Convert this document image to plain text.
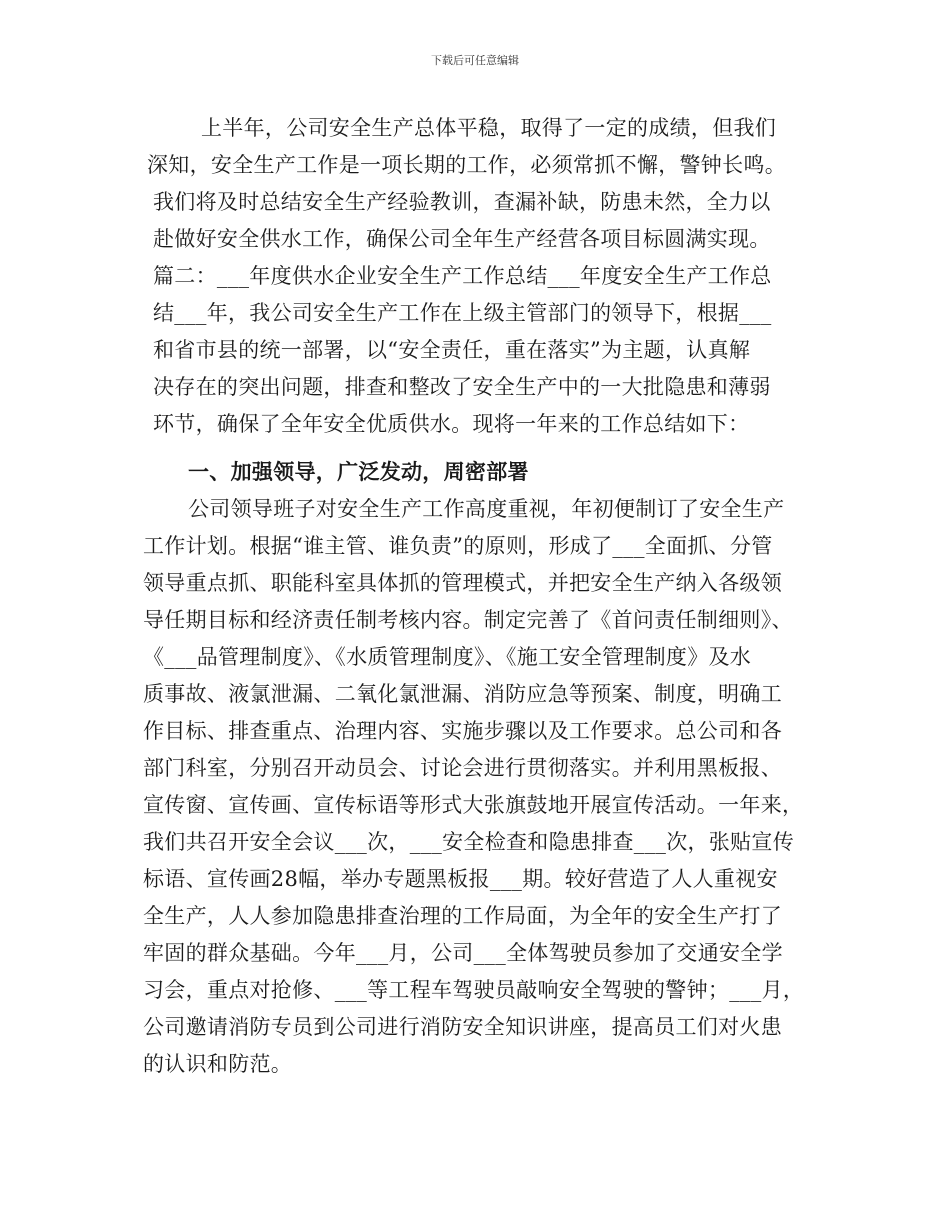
下载后可任意编辑
上半年，公司安全生产总体平稳，取得了一定的成绩，但我们
深知，安全生产工作是一项长期的工作，必须常抓不懈，警钟长鸣。
我们将及时总结安全生产经验教训，查漏补缺，防患未然，全力以
赴做好安全供水工作，确保公司全年生产经营各项目标圆满实现。
篇二：___年度供水企业安全生产工作总结___年度安全生产工作总
结___年，我公司安全生产工作在上级主管部门的领导下，根据___
和省市县的统一部署，以“安全责任，重在落实”为主题，认真解
决存在的突出问题，排查和整改了安全生产中的一大批隐患和薄弱
环节，确保了全年安全优质供水。现将一年来的工作总结如下：
一、加强领导，广泛发动，周密部署
公司领导班子对安全生产工作高度重视，年初便制订了安全生产
工作计划。根据“谁主管、谁负责”的原则，形成了___全面抓、分管
领导重点抓、职能科室具体抓的管理模式，并把安全生产纳入各级领
导任期目标和经济责任制考核内容。制定完善了《首问责任制细则》、
《___品管理制度》、《水质管理制度》、《施工安全管理制度》及水
质事故、液氯泄漏、二氧化氯泄漏、消防应急等预案、制度，明确工
作目标、排查重点、治理内容、实施步骤以及工作要求。总公司和各
部门科室，分别召开动员会、讨论会进行贯彻落实。并利用黑板报、
宣传窗、宣传画、宣传标语等形式大张旗鼓地开展宣传活动。一年来，
我们共召开安全会议___次，___安全检查和隐患排查___次，张贴宣传
标语、宣传画28幅，举办专题黑板报___期。较好营造了人人重视安
全生产，人人参加隐患排查治理的工作局面，为全年的安全生产打了
牢固的群众基础。今年___月，公司___全体驾驶员参加了交通安全学
习会，重点对抢修、___等工程车驾驶员敲响安全驾驶的警钟；___月，
公司邀请消防专员到公司进行消防安全知识讲座，提高员工们对火患
的认识和防范。
